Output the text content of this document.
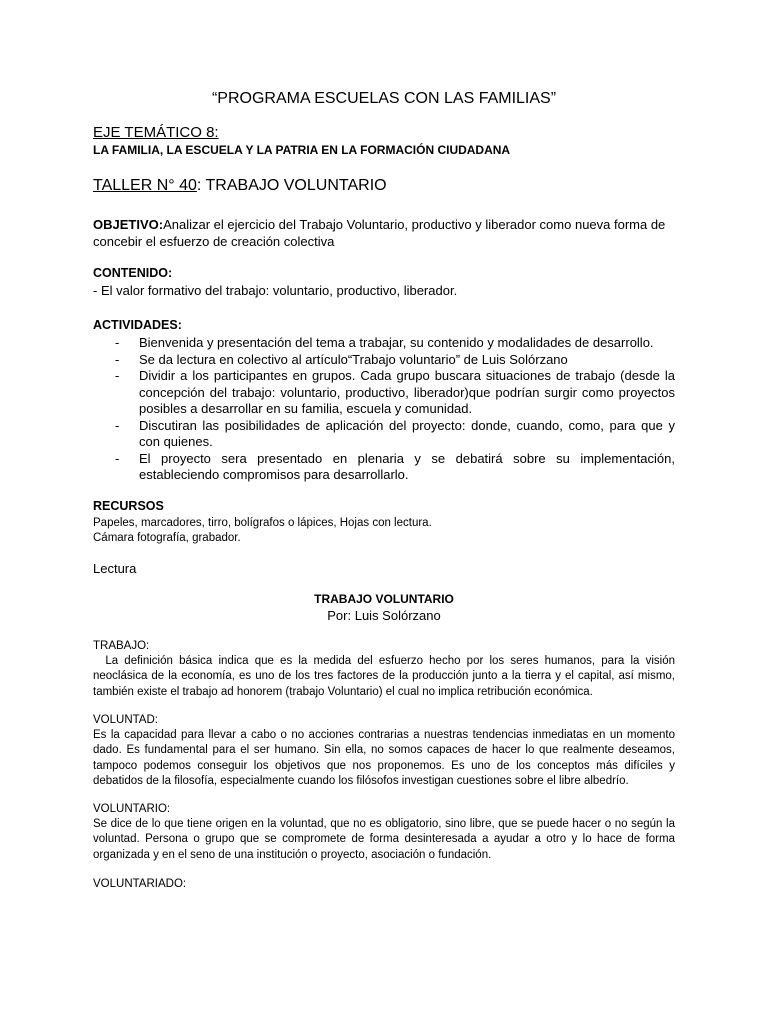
“PROGRAMA ESCUELAS CON LAS FAMILIAS”
EJE TEMÁTICO 8:
LA FAMILIA, LA ESCUELA Y LA PATRIA EN LA FORMACIÓN CIUDADANA
TALLER N° 40: TRABAJO VOLUNTARIO
OBJETIVO:Analizar el ejercicio del Trabajo Voluntario, productivo y liberador como nueva forma de concebir el esfuerzo de creación colectiva
CONTENIDO:
- El valor formativo del trabajo: voluntario, productivo, liberador.
ACTIVIDADES:
- Bienvenida y presentación del tema a trabajar, su contenido y modalidades de desarrollo.
- Se da lectura en colectivo al artículo“Trabajo voluntario” de Luis Solórzano
- Dividir a los participantes en grupos. Cada grupo buscara situaciones de trabajo (desde la concepción del trabajo: voluntario, productivo, liberador)que podrían surgir como proyectos posibles a desarrollar en su familia, escuela y comunidad.
- Discutiran las posibilidades de aplicación del proyecto: donde, cuando, como, para que y con quienes.
- El proyecto sera presentado en plenaria y se debatirá sobre su implementación, estableciendo compromisos para desarrollarlo.
RECURSOS
Papeles, marcadores, tirro, bolígrafos o lápices, Hojas con lectura.
Cámara fotografía, grabador.
Lectura
TRABAJO VOLUNTARIO
Por: Luis Solórzano
TRABAJO:
La definición básica indica que es la medida del esfuerzo hecho por los seres humanos, para la visión neoclásica de la economía, es uno de los tres factores de la producción junto a la tierra y el capital, así mismo, también existe el trabajo ad honorem (trabajo Voluntario) el cual no implica retribución económica.
VOLUNTAD:
Es la capacidad para llevar a cabo o no acciones contrarias a nuestras tendencias inmediatas en un momento dado. Es fundamental para el ser humano. Sin ella, no somos capaces de hacer lo que realmente deseamos, tampoco podemos conseguir los objetivos que nos proponemos. Es uno de los conceptos más difíciles y debatidos de la filosofía, especialmente cuando los filósofos investigan cuestiones sobre el libre albedrío.
VOLUNTARIO:
Se dice de lo que tiene origen en la voluntad, que no es obligatorio, sino libre, que se puede hacer o no según la voluntad. Persona o grupo que se compromete de forma desinteresada a ayudar a otro y lo hace de forma organizada y en el seno de una institución o proyecto, asociación o fundación.
VOLUNTARIADO:
